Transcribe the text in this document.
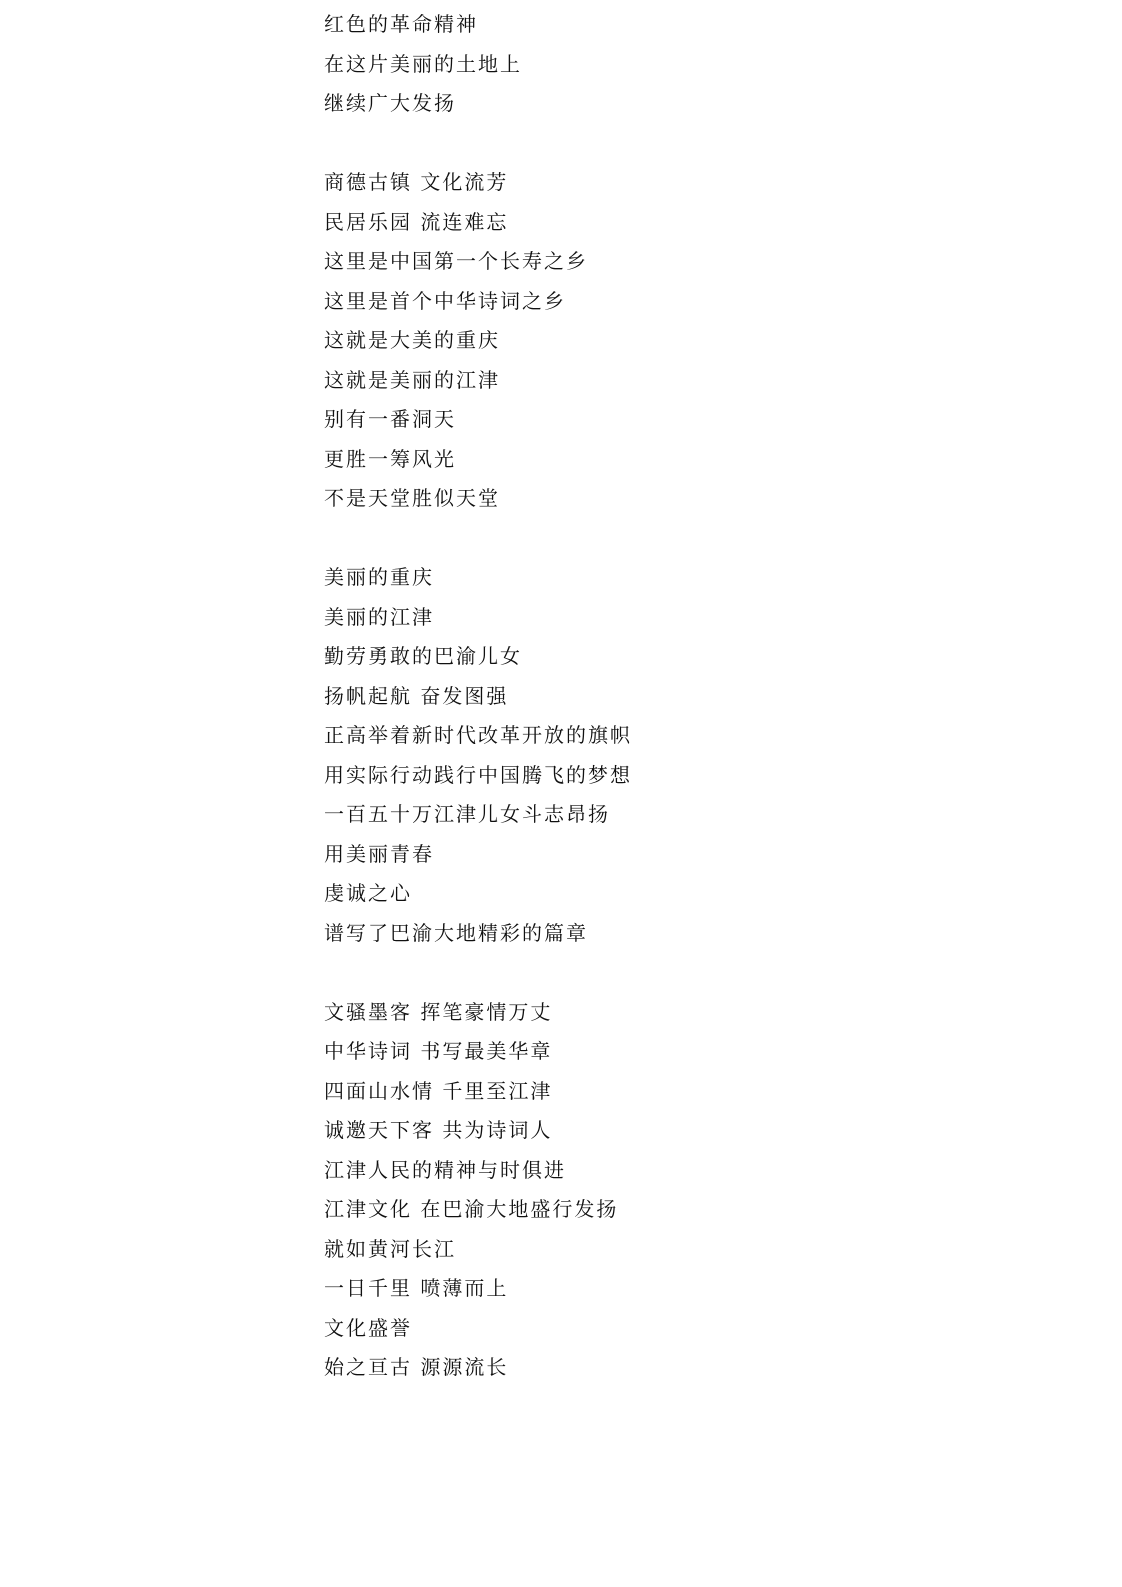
红色的革命精神
在这片美丽的土地上
继续广大发扬
商德古镇 文化流芳
民居乐园 流连难忘
这里是中国第一个长寿之乡
这里是首个中华诗词之乡
这就是大美的重庆
这就是美丽的江津
别有一番洞天
更胜一筹风光
不是天堂胜似天堂
美丽的重庆
美丽的江津
勤劳勇敢的巴渝儿女
扬帆起航 奋发图强
正高举着新时代改革开放的旗帜
用实际行动践行中国腾飞的梦想
一百五十万江津儿女斗志昂扬
用美丽青春
虔诚之心
谱写了巴渝大地精彩的篇章
文骚墨客 挥笔豪情万丈
中华诗词 书写最美华章
四面山水情 千里至江津
诚邀天下客 共为诗词人
江津人民的精神与时俱进
江津文化 在巴渝大地盛行发扬
就如黄河长江
一日千里 喷薄而上
文化盛誉
始之亘古 源源流长
